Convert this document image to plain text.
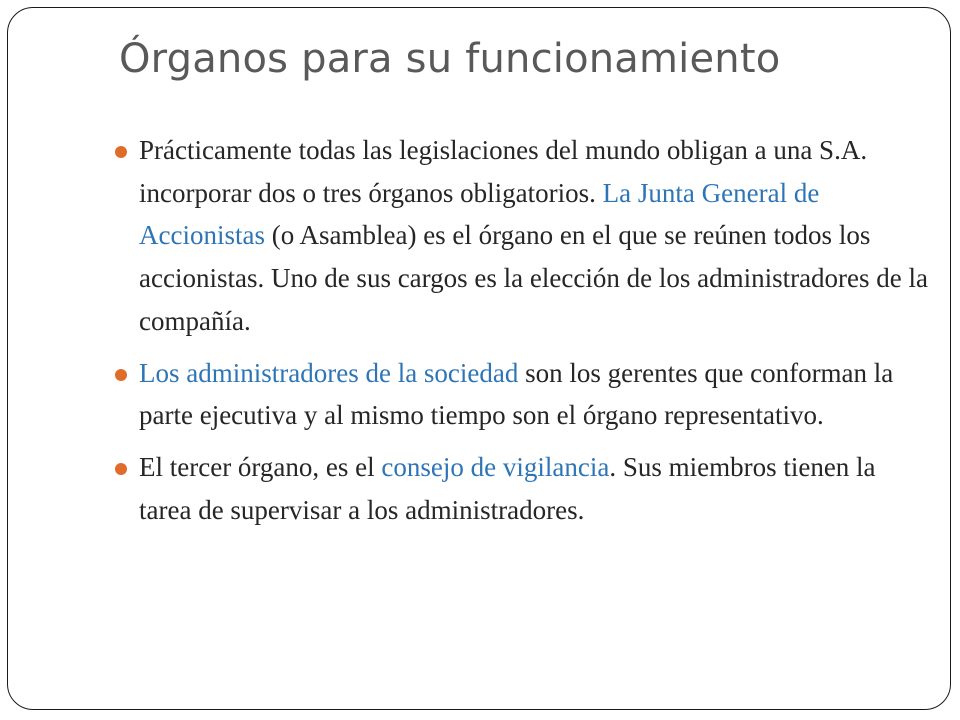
Órganos para su funcionamiento
Prácticamente todas las legislaciones del mundo obligan a una S.A. incorporar dos o tres órganos obligatorios. La Junta General de Accionistas (o Asamblea) es el órgano en el que se reúnen todos los accionistas. Uno de sus cargos es la elección de los administradores de la compañía.
Los administradores de la sociedad son los gerentes que conforman la parte ejecutiva y al mismo tiempo son el órgano representativo.
El tercer órgano, es el consejo de vigilancia. Sus miembros tienen la tarea de supervisar a los administradores.
